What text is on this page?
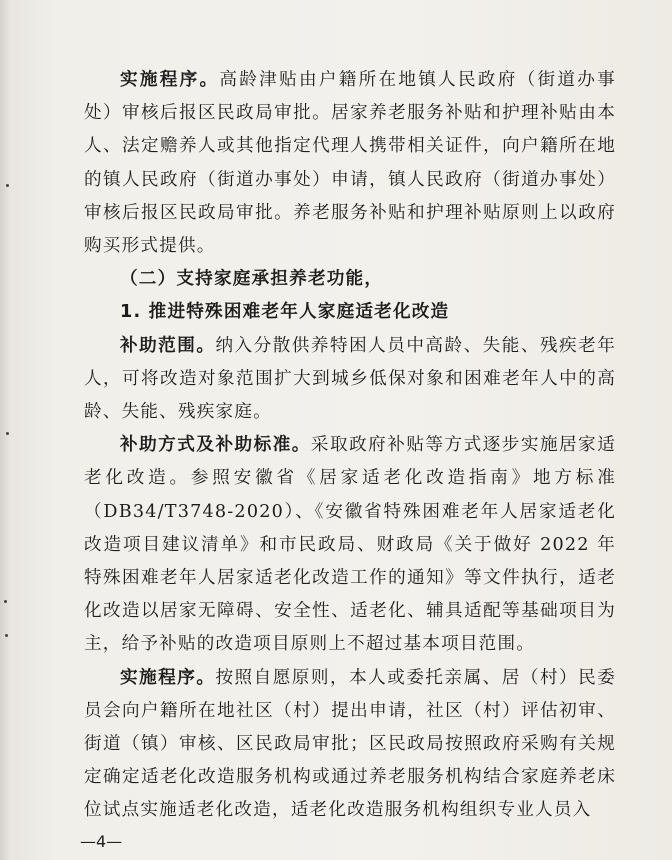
实施程序。高龄津贴由户籍所在地镇人民政府（街道办事处）审核后报区民政局审批。居家养老服务补贴和护理补贴由本人、法定赡养人或其他指定代理人携带相关证件，向户籍所在地的镇人民政府（街道办事处）申请，镇人民政府（街道办事处）审核后报区民政局审批。养老服务补贴和护理补贴原则上以政府购买形式提供。

（二）支持家庭承担养老功能，

1. 推进特殊困难老年人家庭适老化改造

补助范围。纳入分散供养特困人员中高龄、失能、残疾老年人，可将改造对象范围扩大到城乡低保对象和困难老年人中的高龄、失能、残疾家庭。

补助方式及补助标准。采取政府补贴等方式逐步实施居家适老化改造。参照安徽省《居家适老化改造指南》地方标准（DB34/T3748-2020）、《安徽省特殊困难老年人居家适老化改造项目建议清单》和市民政局、财政局《关于做好 2022 年特殊困难老年人居家适老化改造工作的通知》等文件执行，适老化改造以居家无障碍、安全性、适老化、辅具适配等基础项目为主，给予补贴的改造项目原则上不超过基本项目范围。

实施程序。按照自愿原则，本人或委托亲属、居（村）民委员会向户籍所在地社区（村）提出申请，社区（村）评估初审、街道（镇）审核、区民政局审批；区民政局按照政府采购有关规定确定适老化改造服务机构或通过养老服务机构结合家庭养老床位试点实施适老化改造，适老化改造服务机构组织专业人员入

—4—
